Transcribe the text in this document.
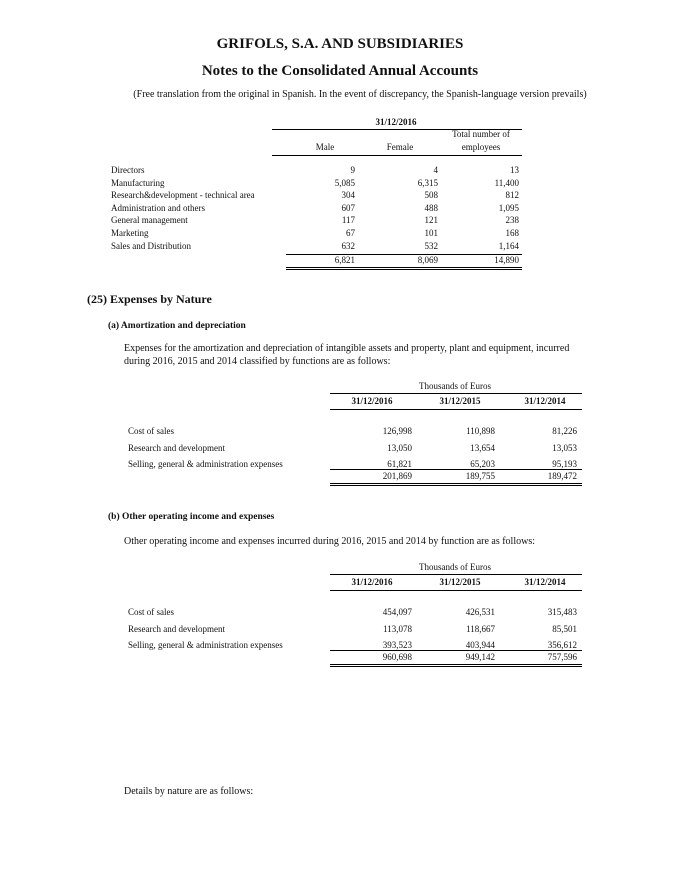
GRIFOLS, S.A. AND SUBSIDIARIES
Notes to the Consolidated Annual Accounts
(Free translation from the original in Spanish. In the event of discrepancy, the Spanish-language version prevails)
31/12/2016
Male	Female
Total number of
employees
Directors	9	4	13
Manufacturing	5,085	6,315	11,400
Research&development - technical area	304	508	812
Administration and others	607	488	1,095
General management	117	121	238
Marketing	67	101	168
Sales and Distribution	632	532	1,164
6,821	8,069	14,890
(25) Expenses by Nature
(a) Amortization and depreciation
Expenses for the amortization and depreciation of intangible assets and property, plant and equipment, incurred
during 2016, 2015 and 2014 classified by functions are as follows:
Thousands of Euros
31/12/2016	31/12/2015	31/12/2014
Cost of sales	126,998	110,898	81,226
Research and development	13,050	13,654	13,053
Selling, general & administration expenses	61,821	65,203	95,193
201,869	189,755	189,472
(b) Other operating income and expenses
Other operating income and expenses incurred during 2016, 2015 and 2014 by function are as follows:
Thousands of Euros
31/12/2016	31/12/2015	31/12/2014
Cost of sales	454,097	426,531	315,483
Research and development	113,078	118,667	85,501
Selling, general & administration expenses	393,523	403,944	356,612
960,698	949,142	757,596
Details by nature are as follows:
